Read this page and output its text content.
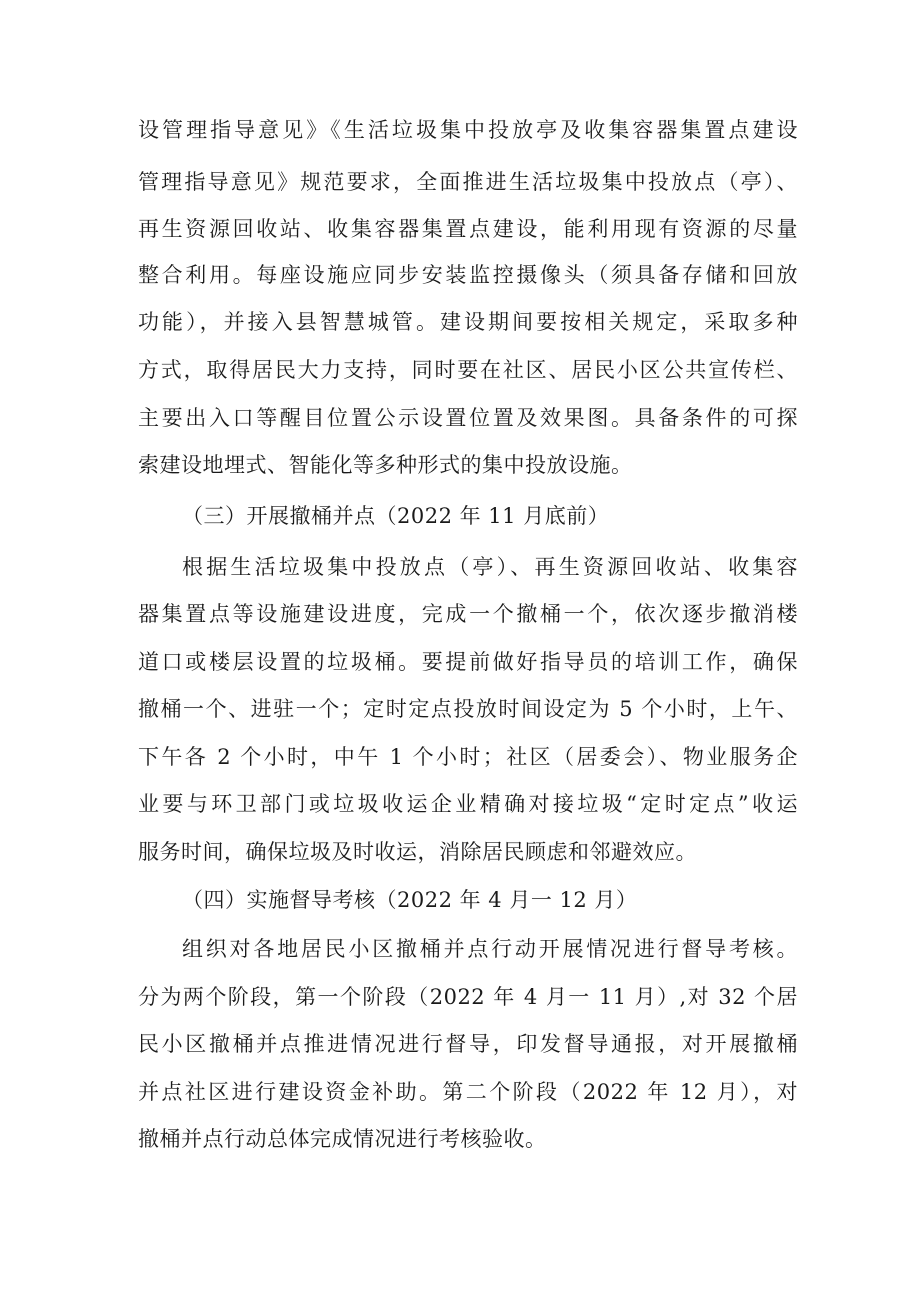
设管理指导意见》《生活垃圾集中投放亭及收集容器集置点建设
管理指导意见》规范要求，全面推进生活垃圾集中投放点（亭）、
再生资源回收站、收集容器集置点建设，能利用现有资源的尽量
整合利用。每座设施应同步安装监控摄像头（须具备存储和回放
功能），并接入县智慧城管。建设期间要按相关规定，采取多种
方式，取得居民大力支持，同时要在社区、居民小区公共宣传栏、
主要出入口等醒目位置公示设置位置及效果图。具备条件的可探
索建设地埋式、智能化等多种形式的集中投放设施。
（三）开展撤桶并点（2022 年 11 月底前）
根据生活垃圾集中投放点（亭）、再生资源回收站、收集容
器集置点等设施建设进度，完成一个撤桶一个，依次逐步撤消楼
道口或楼层设置的垃圾桶。要提前做好指导员的培训工作，确保
撤桶一个、进驻一个；定时定点投放时间设定为 5 个小时，上午、
下午各 2 个小时，中午 1 个小时；社区（居委会）、物业服务企
业要与环卫部门或垃圾收运企业精确对接垃圾“定时定点”收运
服务时间，确保垃圾及时收运，消除居民顾虑和邻避效应。
（四）实施督导考核（2022 年 4 月一 12 月）
组织对各地居民小区撤桶并点行动开展情况进行督导考核。
分为两个阶段，第一个阶段（2022 年 4 月一 11 月）,对 32 个居
民小区撤桶并点推进情况进行督导，印发督导通报，对开展撤桶
并点社区进行建设资金补助。第二个阶段（2022 年 12 月），对
撤桶并点行动总体完成情况进行考核验收。
